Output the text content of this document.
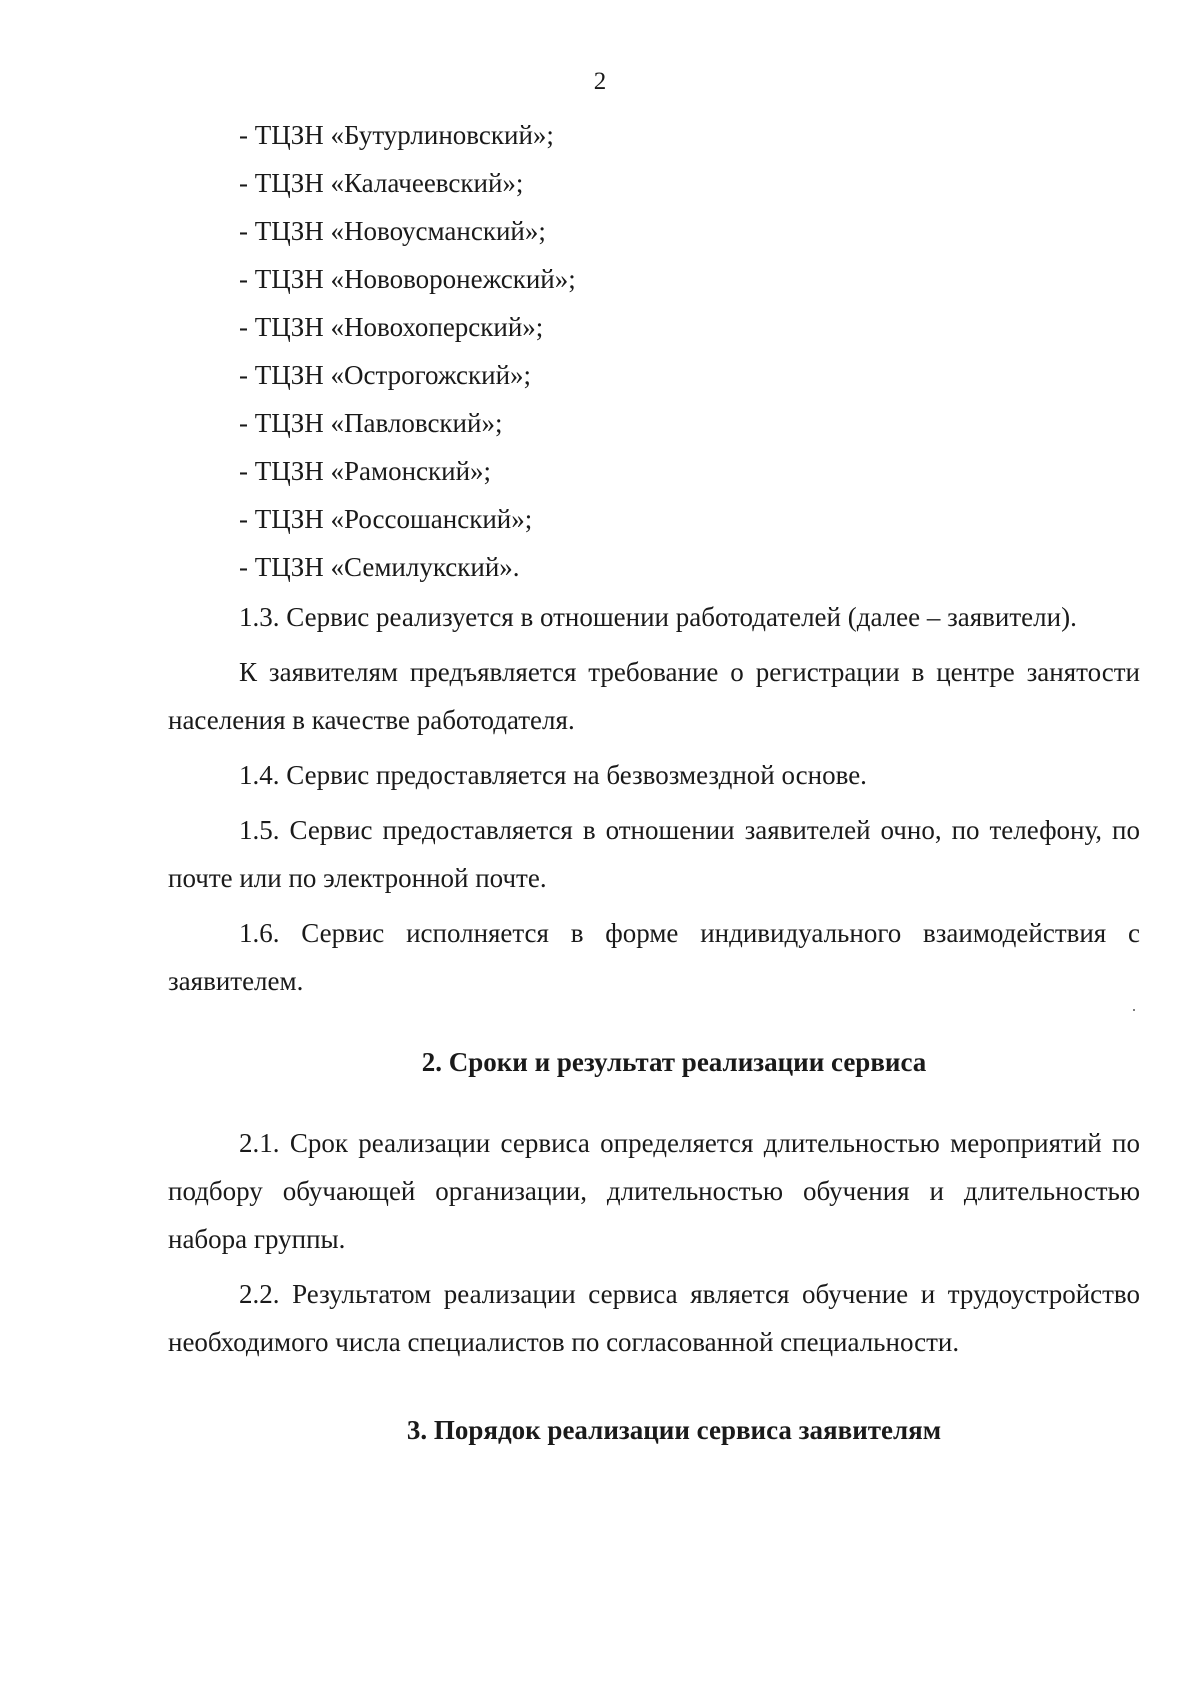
2
- ТЦЗН «Бутурлиновский»;
- ТЦЗН «Калачеевский»;
- ТЦЗН «Новоусманский»;
- ТЦЗН «Нововоронежский»;
- ТЦЗН «Новохоперский»;
- ТЦЗН «Острогожский»;
- ТЦЗН «Павловский»;
- ТЦЗН «Рамонский»;
- ТЦЗН «Россошанский»;
- ТЦЗН «Семилукский».

1.3. Сервис реализуется в отношении работодателей (далее – заявители).

К заявителям предъявляется требование о регистрации в центре занятости населения в качестве работодателя.

1.4. Сервис предоставляется на безвозмездной основе.

1.5. Сервис предоставляется в отношении заявителей очно, по телефону, по почте или по электронной почте.

1.6. Сервис исполняется в форме индивидуального взаимодействия с заявителем.

2. Сроки и результат реализации сервиса

2.1. Срок реализации сервиса определяется длительностью мероприятий по подбору обучающей организации, длительностью обучения и длительностью набора группы.

2.2. Результатом реализации сервиса является обучение и трудоустройство необходимого числа специалистов по согласованной специальности.

3. Порядок реализации сервиса заявителям
